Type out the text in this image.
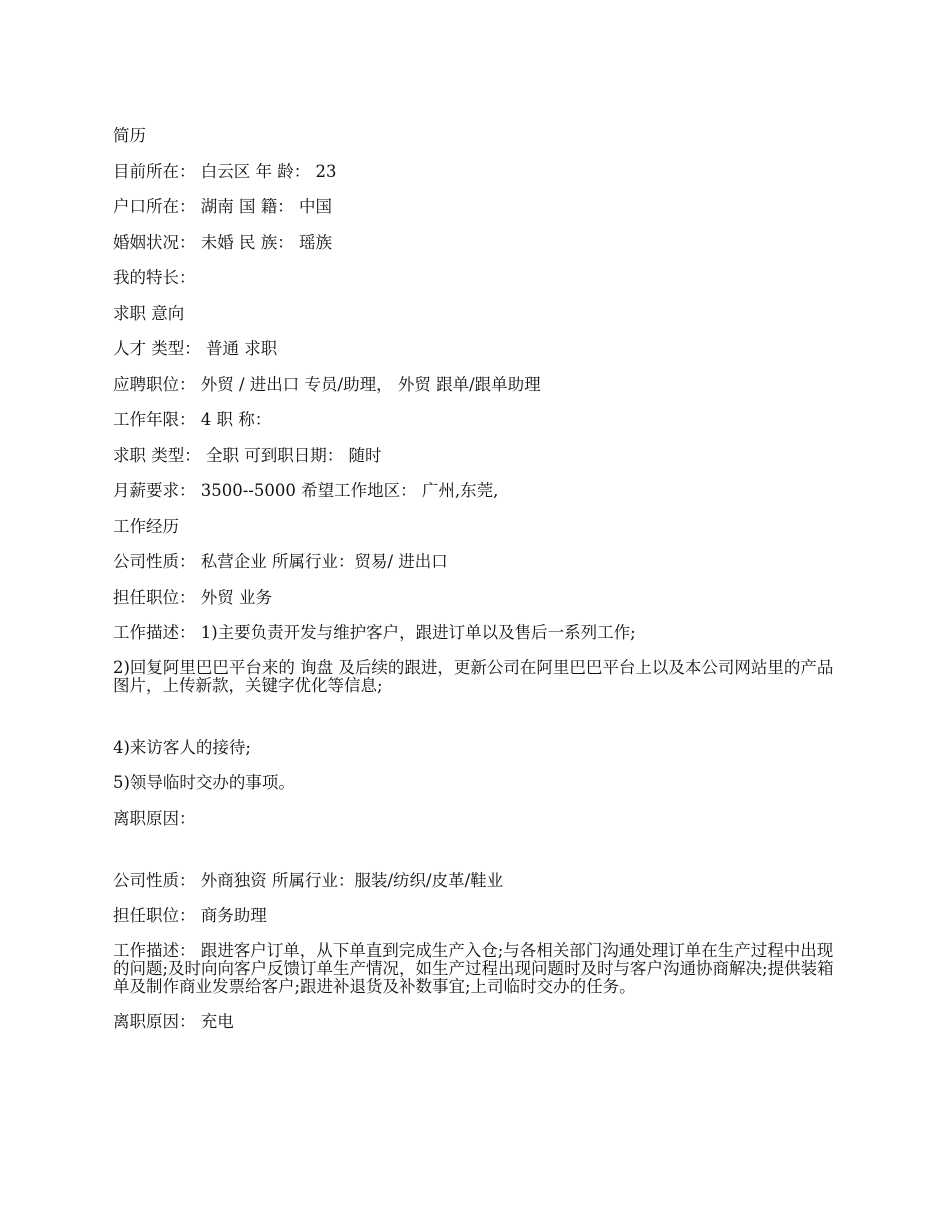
简历
目前所在： 白云区 年 龄： 23
户口所在： 湖南 国 籍： 中国
婚姻状况： 未婚 民 族： 瑶族
我的特长：
求职 意向
人才 类型： 普通 求职
应聘职位： 外贸 / 进出口 专员/助理， 外贸 跟单/跟单助理
工作年限： 4 职 称：
求职 类型： 全职 可到职日期： 随时
月薪要求： 3500--5000 希望工作地区： 广州,东莞,
工作经历
公司性质： 私营企业 所属行业：贸易/ 进出口
担任职位： 外贸 业务
工作描述： 1)主要负责开发与维护客户，跟进订单以及售后一系列工作;
2)回复阿里巴巴平台来的 询盘 及后续的跟进，更新公司在阿里巴巴平台上以及本公司网站里的产品图片，上传新款，关键字优化等信息;
4)来访客人的接待;
5)领导临时交办的事项。
离职原因：
公司性质： 外商独资 所属行业：服装/纺织/皮革/鞋业
担任职位： 商务助理
工作描述： 跟进客户订单，从下单直到完成生产入仓;与各相关部门沟通处理订单在生产过程中出现的问题;及时向向客户反馈订单生产情况，如生产过程出现问题时及时与客户沟通协商解决;提供装箱单及制作商业发票给客户;跟进补退货及补数事宜;上司临时交办的任务。
离职原因： 充电
